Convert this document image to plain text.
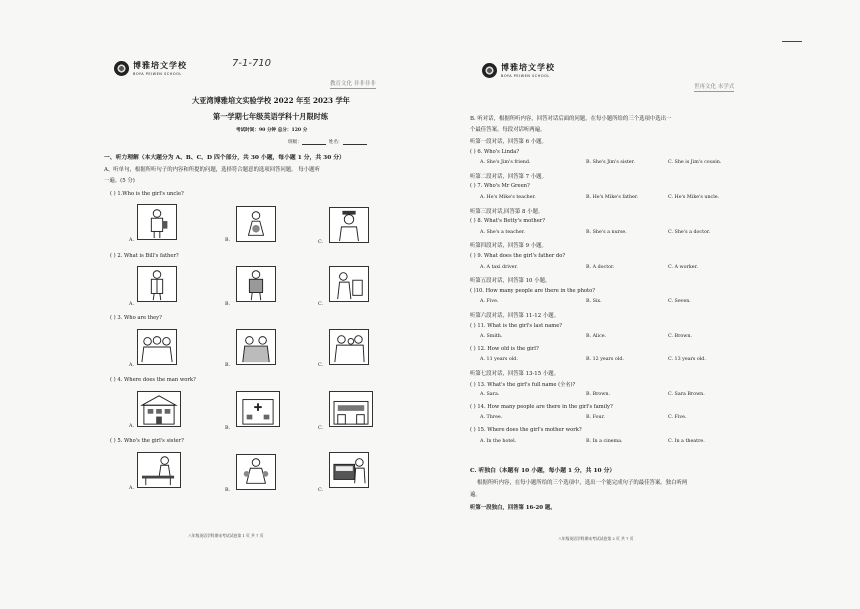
博雅培文学校
BOYA PEIWEN SCHOOL
7-1-710
教育文化 非非非非
大亚湾博雅培文实验学校 2022 年至 2023 学年
第一学期七年级英语学科十月限时练
考试时间：90 分钟 总分：120 分
班级：	姓名：
一、听力理解（本大题分为 A、B、C、D 四个部分，共 30 小题，每小题 1 分，共 30 分）
A、听单句，根据所听句子的内容和所提的问题，选择符合题意的选项回答问题。 每小题听
一遍。(5 分)
( ) 1.Who is the girl's uncle?
A.	B.	C.
( ) 2. What is Bill's father?
A.	B.	C.
( ) 3. Who are they?
A.	B.	C.
( ) 4. Where does the man work?
A.	B.	C.
( ) 5. Who's the girl's sister?
A.	B.	C.
八年级英语学科期末考试试卷第 1 页 共 7 页
博雅培文学校
BOYA PEIWEN SCHOOL
世再文化 末学式
B. 听对话，根据所听内容，回答对话后面的问题，在每小题所给的三个选项中选出一
个最佳答案。每段对话听两遍。
听第一段对话，回答第 6 小题。
( ) 6. Who's Linda?
A. She's Jim's friend.	B. She's Jim's sister.	C. She is Jim's cousin.
听第二段对话，回答第 7 小题。
( ) 7. Who's Mr Green?
A. He's Mike's teacher.	B. He's Mike's father.	C. He's Mike's uncle.
听第三段对话,回答第 8 小题。
( ) 8. What's Betty's mother?
A. She's a teacher.	B. She's a nurse.	C. She's a doctor.
听第四段对话，回答第 9 小题。
( ) 9. What does the girl's father do?
A. A taxi driver.	B. A doctor.	C. A worker.
听第五段对话，回答第 10 小题。
( )10. How many people are there in the photo?
A. Five.	B. Six.	C. Seven.
听第六段对话，回答第 11-12 小题。
( ) 11. What is the girl's last name?
A. Smith.	B. Alice.	C. Brown.
( ) 12. How old is the girl?
A. 11 years old.	B. 12 years old.	C. 13 years old.
听第七段对话，回答第 13-15 小题。
( ) 13. What's the girl's full name (全名)?
A. Sara.	B. Brown.	C. Sara Brown.
( ) 14. How many people are there in the girl's family?
A. Three.	B. Four.	C. Five.
( ) 15. Where does the girl's mother work?
A. In the hotel.	B. In a cinema.	C. In a theatre.
C. 听独白（本题有 10 小题，每小题 1 分，共 10 分）
根据所听内容，在每小题所给的三个选项中，选出一个能完成句子的最佳答案。独白听两
遍。
听第一段独白，回答第 16-20 题。
八年级英语学科期末考试试卷第 2 页 共 7 页
